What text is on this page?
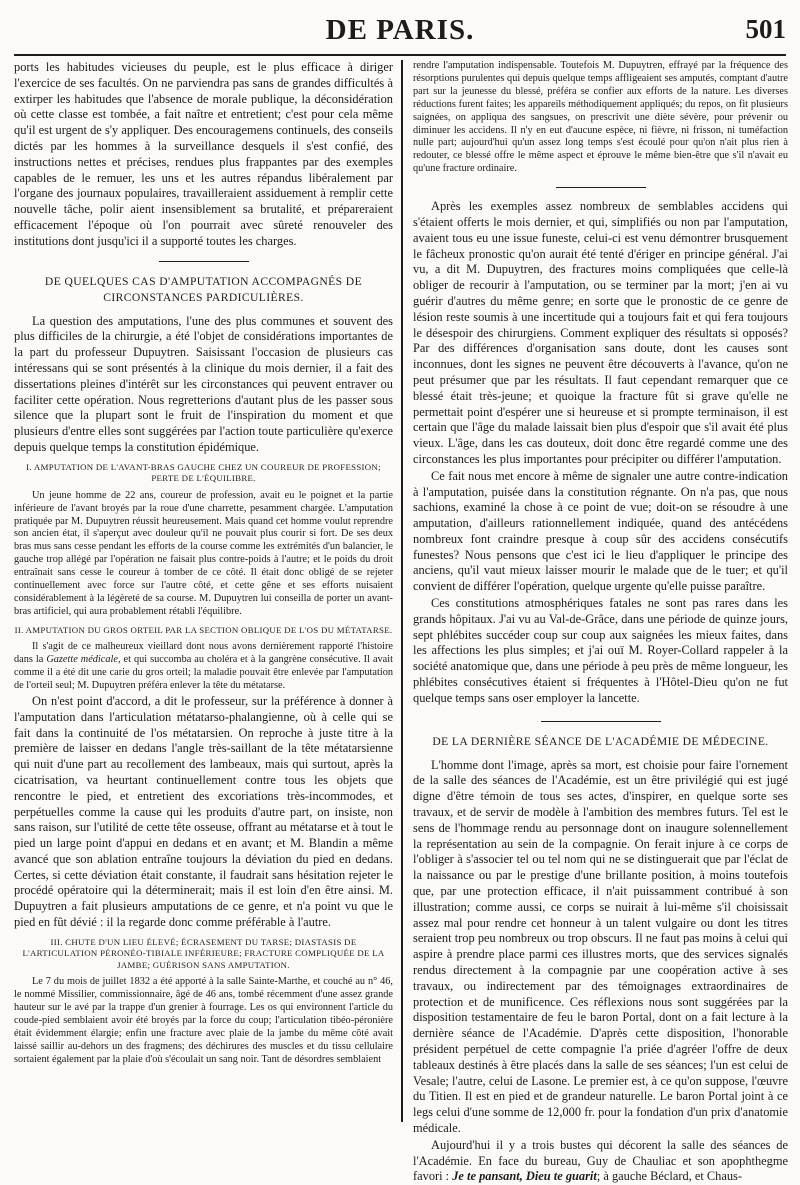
DE PARIS.	501

ports les habitudes vicieuses du peuple, est le plus efficace à diriger l'exercice de ses facultés. On ne parviendra pas sans de grandes difficultés à extirper les habitudes que l'absence de morale publique, la déconsidération où cette classe est tombée, a fait naître et entretient; c'est pour cela même qu'il est urgent de s'y appliquer. Des encouragemens continuels, des conseils dictés par les hommes à la surveillance desquels il s'est confié, des instructions nettes et précises, rendues plus frappantes par des exemples capables de le remuer, les uns et les autres répandus libéralement par l'organe des journaux populaires, travailleraient assiduement à remplir cette nouvelle tâche, polir aient insensiblement sa brutalité, et prépareraient efficacement l'époque où l'on pourrait avec sûreté renouveler des institutions dont jusqu'ici il a supporté toutes les charges.

DE QUELQUES CAS D'AMPUTATION ACCOMPAGNÉS DE CIRCONSTANCES PARDICULIÈRES.

La question des amputations, l'une des plus communes et souvent des plus difficiles de la chirurgie, a été l'objet de considérations importantes de la part du professeur Dupuytren. Saisissant l'occasion de plusieurs cas intéressans qui se sont présentés à la clinique du mois dernier, il a fait des dissertations pleines d'intérêt sur les circonstances qui peuvent entraver ou faciliter cette opération. Nous regretterions d'autant plus de les passer sous silence que la plupart sont le fruit de l'inspiration du moment et que plusieurs d'entre elles sont suggérées par l'action toute particulière qu'exerce depuis quelque temps la constitution épidémique.

I. AMPUTATION DE L'AVANT-BRAS GAUCHE CHEZ UN COUREUR DE PROFESSION; PERTE DE L'ÉQUILIBRE.

Un jeune homme de 22 ans, coureur de profession, avait eu le poignet et la partie inférieure de l'avant broyés par la roue d'une charrette, pesamment chargée. L'amputation pratiquée par M. Dupuytren réussit heureusement. Mais quand cet homme voulut reprendre son ancien état, il s'aperçut avec douleur qu'il ne pouvait plus courir si fort. De ses deux bras mus sans cesse pendant les efforts de la course comme les extrémités d'un balancier, le gauche trop allégé par l'opération ne faisait plus contre-poids à l'autre; et le poids du droit entraînait sans cesse le coureur à tomber de ce côté. Il était donc obligé de se rejeter continuellement avec force sur l'autre côté, et cette gêne et ses efforts nuisaient considérablement à la légèreté de sa course. M. Dupuytren lui conseilla de porter un avant-bras artificiel, qui aura probablement rétabli l'équilibre.

II. AMPUTATION DU GROS ORTEIL PAR LA SECTION OBLIQUE DE L'OS DU MÉTATARSE.

Il s'agit de ce malheureux vieillard dont nous avons dernièrement rapporté l'histoire dans la Gazette médicale, et qui succomba au choléra et à la gangrène consécutive. Il avait comme il a été dit une carie du gros orteil; la maladie pouvait être enlevée par l'amputation de l'orteil seul; M. Dupuytren préféra enlever la tête du métatarse.

On n'est point d'accord, a dit le professeur, sur la préférence à donner à l'amputation dans l'articulation métatarso-phalangienne, où à celle qui se fait dans la continuité de l'os métatarsien. On reproche à juste titre à la première de laisser en dedans l'angle très-saillant de la tête métatarsienne qui nuit d'une part au recollement des lambeaux, mais qui surtout, après la cicatrisation, va heurtant continuellement contre tous les objets que rencontre le pied, et entretient des excoriations très-incommodes, et perpétuelles comme la cause qui les produits d'autre part, on insiste, non sans raison, sur l'utilité de cette tête osseuse, offrant au métatarse et à tout le pied un large point d'appui en dedans et en avant; et M. Blandin a même avancé que son ablation entraîne toujours la déviation du pied en dedans. Certes, si cette déviation était constante, il faudrait sans hésitation rejeter le procédé opératoire qui la déterminerait; mais il est loin d'en être ainsi. M. Dupuytren a fait plusieurs amputations de ce genre, et n'a point vu que le pied en fût dévié : il la regarde donc comme préférable à l'autre.

III. CHUTE D'UN LIEU ÉLEVÉ; ÉCRASEMENT DU TARSE; DIASTASIS DE L'ARTICULATION PÉRONÉO-TIBIALE INFÉRIEURE; FRACTURE COMPLIQUÉE DE LA JAMBE; GUÉRISON SANS AMPUTATION.

Le 7 du mois de juillet 1832 a été apporté à la salle Sainte-Marthe, et couché au n° 46, le nommé Missilier, commissionnaire, âgé de 46 ans, tombé récemment d'une assez grande hauteur sur le avé par la trappe d'un grenier à fourrage. Les os qui environnent l'article du coude-pied semblaient avoir été broyés par la force du coup; l'articulation tibéo-péronière était évidemment élargie; enfin une fracture avec plaie de la jambe du même côté avait laissé saillir au-dehors un des fragmens; des déchirures des muscles et du tissu cellulaire sortaient également par la plaie d'où s'écoulait un sang noir. Tant de désordres semblaient

rendre l'amputation indispensable. Toutefois M. Dupuytren, effrayé par la fréquence des résorptions purulentes qui depuis quelque temps affligeaient ses amputés, comptant d'autre part sur la jeunesse du blessé, préféra se confier aux efforts de la nature. Les diverses réductions furent faites; les appareils méthodiquement appliqués; du repos, on fit plusieurs saignées, on appliqua des sangsues, on prescrivit une diète sévère, pour prévenir ou diminuer les accidens. Il n'y en eut d'aucune espèce, ni fièvre, ni frisson, ni tuméfaction nulle part; aujourd'hui qu'un assez long temps s'est écoulé pour qu'on n'ait plus rien à redouter, ce blessé offre le même aspect et éprouve le même bien-être que s'il n'avait eu qu'une fracture ordinaire.

Après les exemples assez nombreux de semblables accidens qui s'étaient offerts le mois dernier, et qui, simplifiés ou non par l'amputation, avaient tous eu une issue funeste, celui-ci est venu démontrer brusquement le fâcheux pronostic qu'on aurait été tenté d'ériger en principe général. J'ai vu, a dit M. Dupuytren, des fractures moins compliquées que celle-là obliger de recourir à l'amputation, ou se terminer par la mort; j'en ai vu guérir d'autres du même genre; en sorte que le pronostic de ce genre de lésion reste soumis à une incertitude qui a toujours fait et qui fera toujours le désespoir des chirurgiens. Comment expliquer des résultats si opposés? Par des différences d'organisation sans doute, dont les causes sont inconnues, dont les signes ne peuvent être découverts à l'avance, qu'on ne peut présumer que par les résultats. Il faut cependant remarquer que ce blessé était très-jeune; et quoique la fracture fût si grave qu'elle ne permettait point d'espérer une si heureuse et si prompte terminaison, il est certain que l'âge du malade laissait bien plus d'espoir que s'il avait été plus vieux. L'âge, dans les cas douteux, doit donc être regardé comme une des circonstances les plus importantes pour précipiter ou différer l'amputation.

Ce fait nous met encore à même de signaler une autre contre-indication à l'amputation, puisée dans la constitution régnante. On n'a pas, que nous sachions, examiné la chose à ce point de vue; doit-on se résoudre à une amputation, d'ailleurs rationnellement indiquée, quand des antécédens nombreux font craindre presque à coup sûr des accidens consécutifs funestes? Nous pensons que c'est ici le lieu d'appliquer le principe des anciens, qu'il vaut mieux laisser mourir le malade que de le tuer; et qu'il convient de différer l'opération, quelque urgente qu'elle puisse paraître.

Ces constitutions atmosphériques fatales ne sont pas rares dans les grands hôpitaux. J'ai vu au Val-de-Grâce, dans une période de quinze jours, sept phlébites succéder coup sur coup aux saignées les mieux faites, dans les affections les plus simples; et j'ai ouï M. Royer-Collard rappeler à la société anatomique que, dans une période à peu près de même longueur, les phlébites consécutives étaient si fréquentes à l'Hôtel-Dieu qu'on ne fut quelque temps sans oser employer la lancette.

DE LA DERNIÈRE SÉANCE DE L'ACADÉMIE DE MÉDECINE.

L'homme dont l'image, après sa mort, est choisie pour faire l'ornement de la salle des séances de l'Académie, est un être privilégié qui est jugé digne d'être témoin de tous ses actes, d'inspirer, en quelque sorte ses travaux, et de servir de modèle à l'ambition des membres futurs. Tel est le sens de l'hommage rendu au personnage dont on inaugure solennellement la représentation au sein de la compagnie. On ferait injure à ce corps de l'obliger à s'associer tel ou tel nom qui ne se distinguerait que par l'éclat de la naissance ou par le prestige d'une brillante position, à moins toutefois que, par une protection efficace, il n'ait puissamment contribué à son illustration; comme aussi, ce corps se nuirait à lui-même s'il choisissait assez mal pour rendre cet honneur à un talent vulgaire ou dont les titres seraient trop peu nombreux ou trop obscurs. Il ne faut pas moins à celui qui aspire à prendre place parmi ces illustres morts, que des services signalés rendus directement à la compagnie par une coopération active à ses travaux, ou indirectement par des témoignages extraordinaires de protection et de munificence. Ces réflexions nous sont suggérées par la disposition testamentaire de feu le baron Portal, dont on a fait lecture à la dernière séance de l'Académie. D'après cette disposition, l'honorable président perpétuel de cette compagnie l'a priée d'agréer l'offre de deux tableaux destinés à être placés dans la salle de ses séances; l'un est celui de Vesale; l'autre, celui de Lasone. Le premier est, à ce qu'on suppose, l'œuvre du Titien. Il est en pied et de grandeur naturelle. Le baron Portal joint à ce legs celui d'une somme de 12,000 fr. pour la fondation d'un prix d'anatomie médicale.

Aujourd'hui il y a trois bustes qui décorent la salle des séances de l'Académie. En face du bureau, Guy de Chauliac et son apophthegme favori : Je te pansant, Dieu te guarit; à gauche Béclard, et Chaus-
